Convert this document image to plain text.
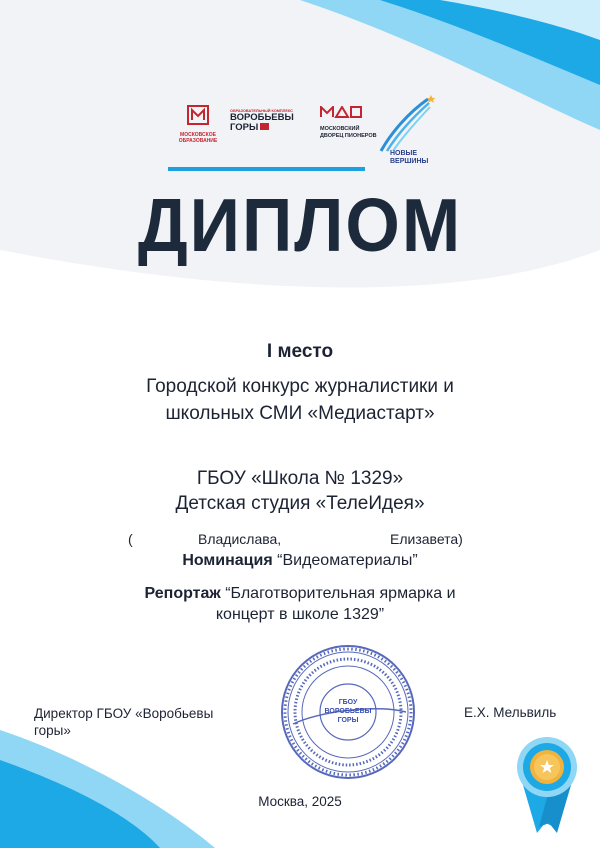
МОСКОВСКОЕ ОБРАЗОВАНИЕ
ОБРАЗОВАТЕЛЬНЫЙ КОМПЛЕКС
ВОРОБЬЕВЫ
ГОРЫ	МОСКОВСКИЙ ДВОРЕЦ ПИОНЕРОВ
НОВЫЕ
ВЕРШИНЫ
ДИПЛОМ
I место
Городской конкурс журналистики и
школьных СМИ «Медиастарт»
ГБОУ «Школа № 1329»
Детская студия «ТелеИдея»
(	Владислава,	Елизавета)
Номинация “Видеоматериалы”
Репортаж “Благотворительная ярмарка и
концерт в школе 1329”
ГБОУ
ВОРОБЬЕВЫ
ГОРЫ
Директор ГБОУ «Воробьевы
горы»
Е.Х. Мельвиль
Москва, 2025
